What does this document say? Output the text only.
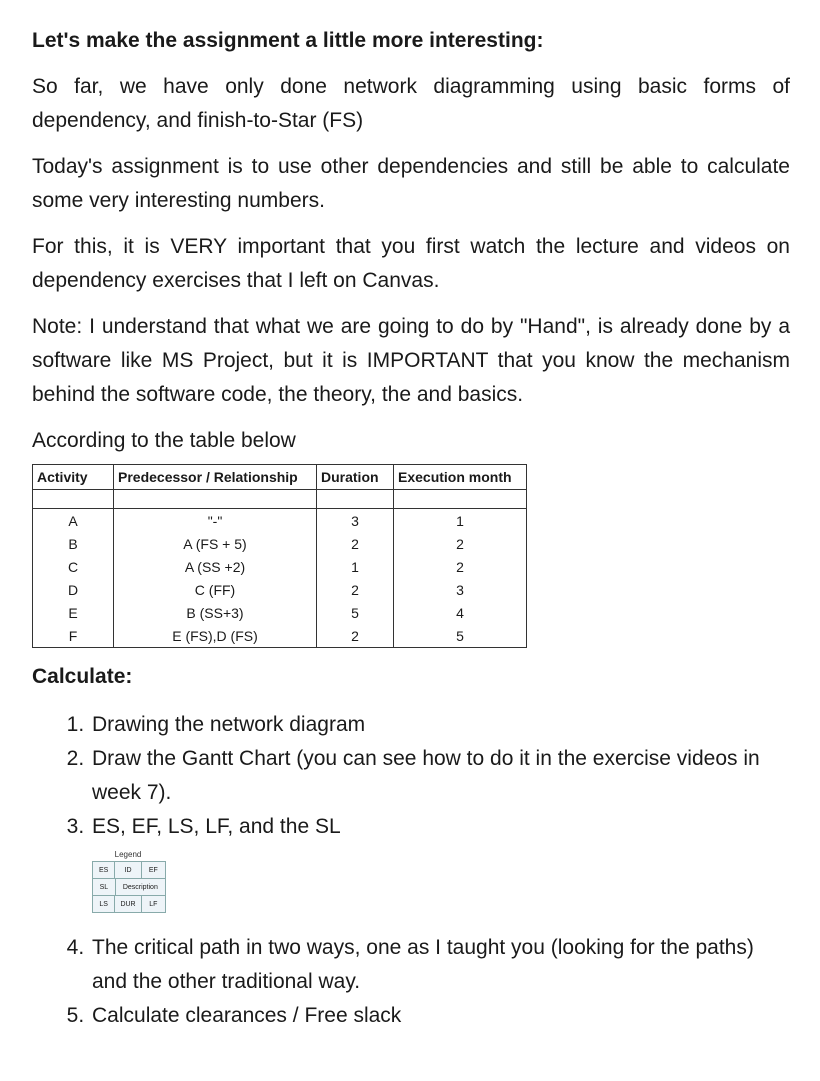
Let's make the assignment a little more interesting:

So far, we have only done network diagramming using basic forms of dependency, and finish-to-Star (FS)

Today's assignment is to use other dependencies and still be able to calculate some very interesting numbers.

For this, it is VERY important that you first watch the lecture and videos on dependency exercises that I left on Canvas.

Note: I understand that what we are going to do by "Hand", is already done by a software like MS Project, but it is IMPORTANT that you know the mechanism behind the software code, the theory, the and basics.

According to the table below

Activity	Predecessor / Relationship	Duration	Execution month

A	"-"	3	1
B	A (FS + 5)	2	2
C	A (SS +2)	1	2
D	C (FF)	2	3
E	B (SS+3)	5	4
F	E (FS),D (FS)	2	5

Calculate:

1. Drawing the network diagram
2. Draw the Gantt Chart (you can see how to do it in the exercise videos in week 7).
3. ES, EF, LS, LF, and the SL
Legend
ES	ID	EF
SL	Description
LS	DUR	LF
4. The critical path in two ways, one as I taught you (looking for the paths) and the other traditional way.
5. Calculate clearances / Free slack
